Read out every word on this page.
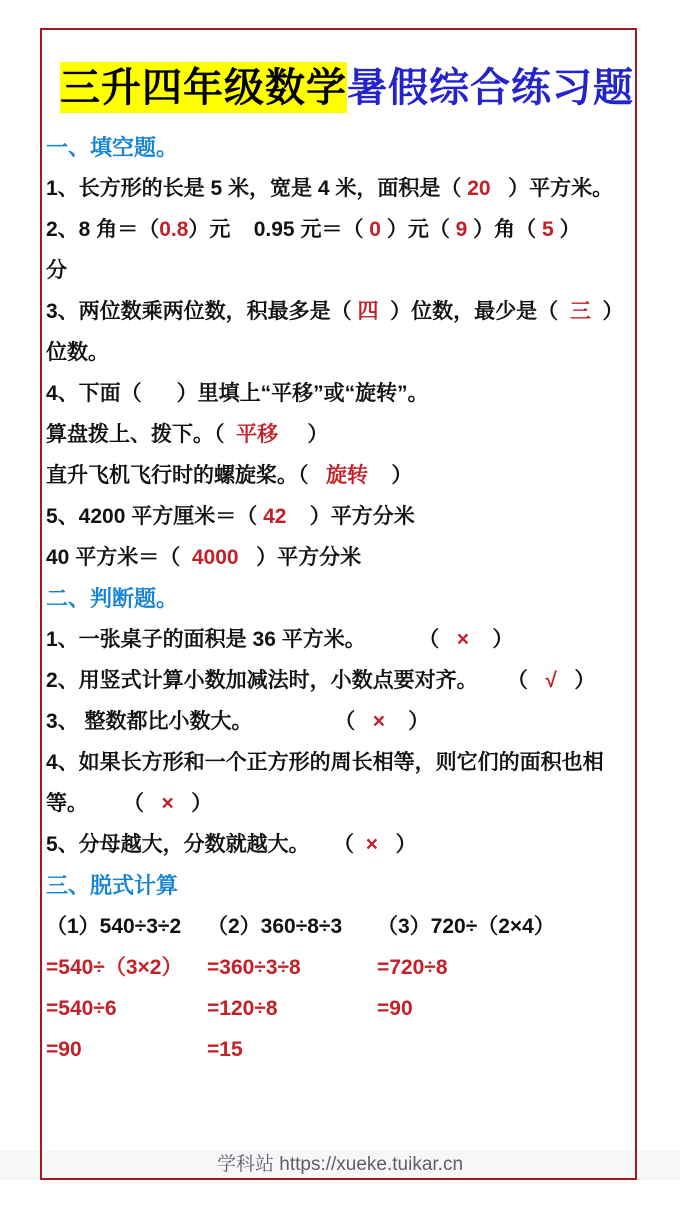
学科站 https://xueke.tuikar.cn
三升四年级数学暑假综合练习题
一、填空题。
1、长方形的长是 5 米，宽是 4 米，面积是（ 20   ）平方米。
2、8 角＝（0.8）元    0.95 元＝（ 0 ）元（ 9 ）角（ 5 ）
分
3、两位数乘两位数，积最多是（ 四  ）位数，最少是（  三  ）
位数。
4、下面（      ）里填上“平移”或“旋转”。
算盘拨上、拨下。（  平移     ）
直升飞机飞行时的螺旋桨。（   旋转    ）
5、4200 平方厘米＝（ 42    ）平方分米
40 平方米＝（  4000   ）平方分米
二、判断题。
1、一张桌子的面积是 36 平方米。         （   ×    ）
2、用竖式计算小数加减法时，小数点要对齐。     （   √   ）
3、 整数都比小数大。              （   ×    ）
4、如果长方形和一个正方形的周长相等，则它们的面积也相
等。      （   ×   ）
5、分母越大，分数就越大。    （  ×   ）
三、脱式计算
（1）540÷3÷2	（2）360÷8÷3	（3）720÷（2×4）
=540÷（3×2）	=360÷3÷8	=720÷8
=540÷6	=120÷8	=90
=90	=15
